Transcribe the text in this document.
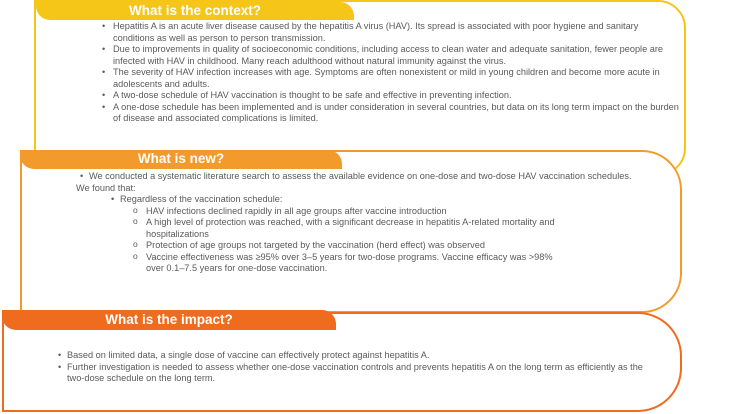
What is the context?
• Hepatitis A is an acute liver disease caused by the hepatitis A virus (HAV). Its spread is associated with poor hygiene and sanitary conditions as well as person to person transmission.
• Due to improvements in quality of socioeconomic conditions, including access to clean water and adequate sanitation, fewer people are infected with HAV in childhood. Many reach adulthood without natural immunity against the virus.
• The severity of HAV infection increases with age. Symptoms are often nonexistent or mild in young children and become more acute in adolescents and adults.
• A two-dose schedule of HAV vaccination is thought to be safe and effective in preventing infection.
• A one-dose schedule has been implemented and is under consideration in several countries, but data on its long term impact on the burden of disease and associated complications is limited.
What is new?
• We conducted a systematic literature search to assess the available evidence on one-dose and two-dose HAV vaccination schedules.
We found that:
• Regardless of the vaccination schedule:
o HAV infections declined rapidly in all age groups after vaccine introduction
o A high level of protection was reached, with a significant decrease in hepatitis A-related mortality and hospitalizations
o Protection of age groups not targeted by the vaccination (herd effect) was observed
o Vaccine effectiveness was ≥95% over 3–5 years for two-dose programs. Vaccine efficacy was >98% over 0.1–7.5 years for one-dose vaccination.
What is the impact?
• Based on limited data, a single dose of vaccine can effectively protect against hepatitis A.
• Further investigation is needed to assess whether one-dose vaccination controls and prevents hepatitis A on the long term as efficiently as the two-dose schedule on the long term.
